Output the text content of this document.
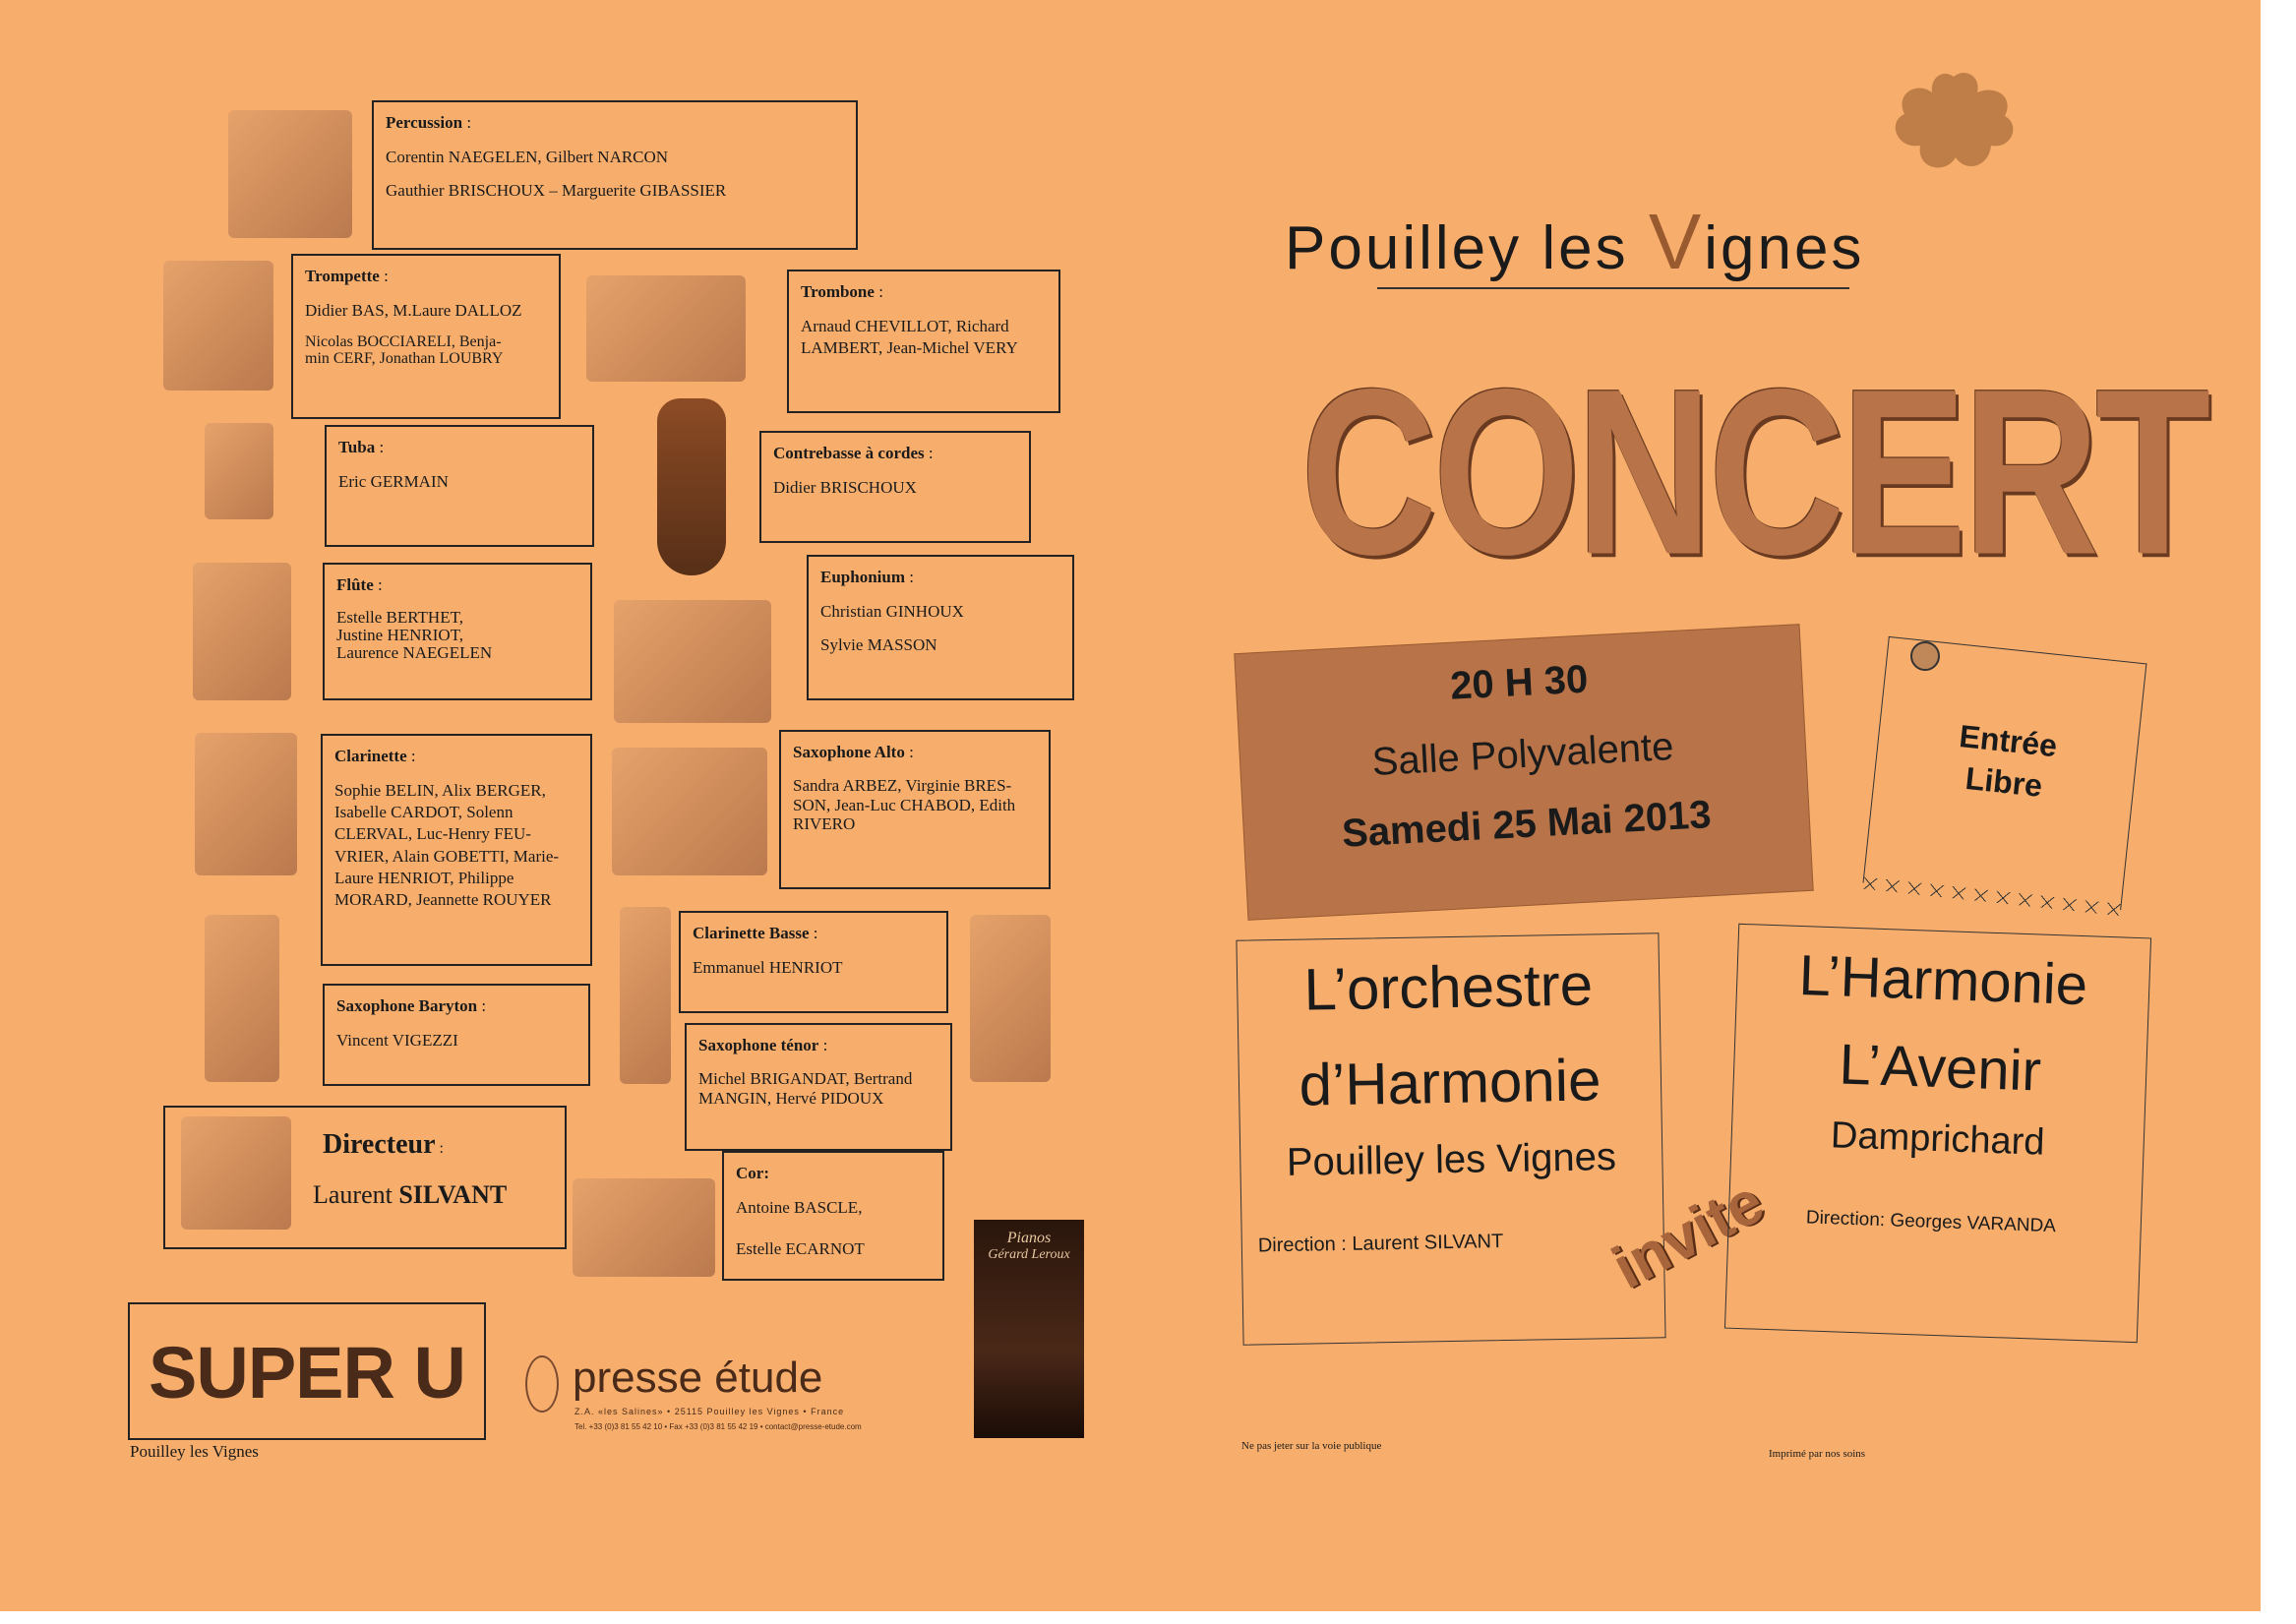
Percussion :

Corentin NAEGELEN, Gilbert NARCON

Gauthier BRISCHOUX – Marguerite GIBASSIER

Trompette :

Didier BAS, M.Laure DALLOZ

Nicolas BOCCIARELI, Benja-
min CERF, Jonathan LOUBRY

Trombone :

Arnaud CHEVILLOT, Richard
LAMBERT, Jean-Michel VERY

Tuba :

Eric GERMAIN

Contrebasse à cordes :

Didier BRISCHOUX

Flûte :

Estelle BERTHET,
Justine HENRIOT,
Laurence NAEGELEN

Euphonium :

Christian GINHOUX

Sylvie MASSON

Clarinette :

Sophie BELIN, Alix BERGER,
Isabelle CARDOT, Solenn
CLERVAL, Luc-Henry FEU-
VRIER, Alain GOBETTI, Marie-
Laure HENRIOT, Philippe
MORARD, Jeannette ROUYER

Saxophone Alto :

Sandra ARBEZ, Virginie BRES-
SON, Jean-Luc CHABOD, Edith
RIVERO

Clarinette Basse :

Emmanuel HENRIOT

Saxophone Baryton :

Vincent VIGEZZI	Saxophone ténor :

Michel BRIGANDAT, Bertrand
MANGIN, Hervé PIDOUX

Directeur :
Laurent SILVANT
Cor:

Antoine BASCLE,

Estelle ECARNOT

SUPER U
Pouilley les Vignes
presse étude
Z.A. «les Salines» • 25115 Pouilley les Vignes • France
Tel. +33 (0)3 81 55 42 10 • Fax +33 (0)3 81 55 42 19 • contact@presse-etude.com
Pianos
Gérard Leroux
Pouilley les Vignes
CONCERT
20 H 30
Salle Polyvalente
Samedi 25 Mai 2013
Entrée
Libre
L’orchestre
d’Harmonie
Pouilley les Vignes
Direction : Laurent SILVANT	invite
L’Harmonie
L’Avenir
Damprichard
Direction: Georges VARANDA
Ne pas jeter sur la voie publique
Imprimé par nos soins
